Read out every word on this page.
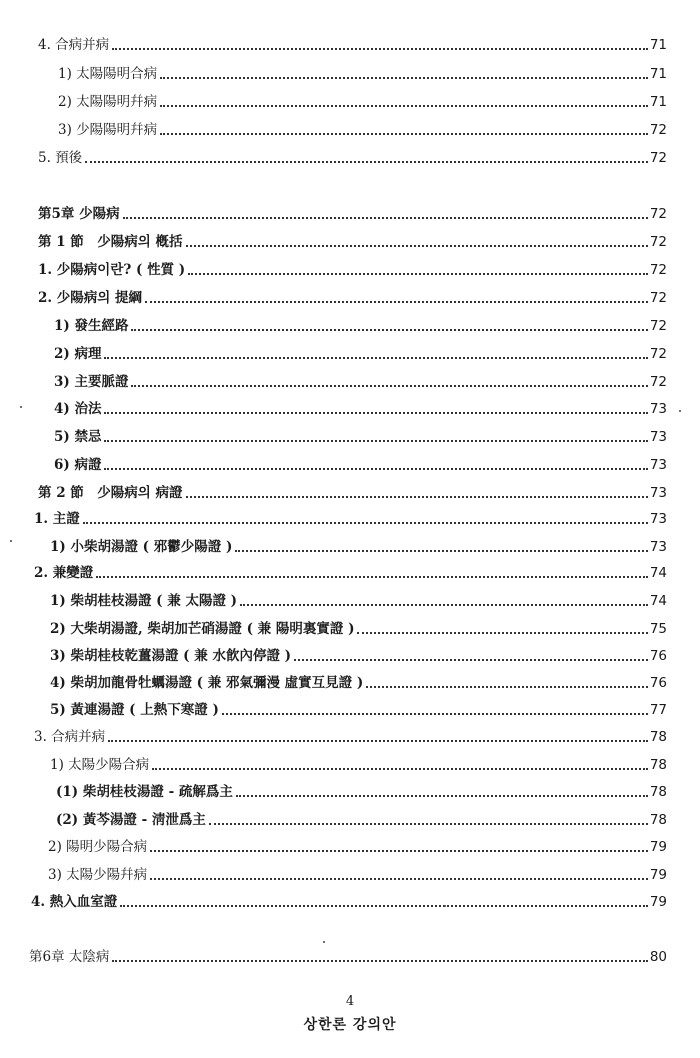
4. 合病并病	71
1) 太陽陽明合病	71
2) 太陽陽明幷病	71
3) 少陽陽明幷病	72
5. 預後	72
第5章 少陽病	72
第 1 節　少陽病의 槪括	72
1. 少陽病이란? ( 性質 )	72
2. 少陽病의 提綱	72
1) 發生經路	72
2) 病理	72
3) 主要脈證	72
4) 治法	73
5) 禁忌	73
6) 病證	73
第 2 節　少陽病의 病證	73
1. 主證	73
1) 小柴胡湯證 ( 邪鬱少陽證 )	73
2. 兼變證	74
1) 柴胡桂枝湯證 ( 兼 太陽證 )	74
2) 大柴胡湯證, 柴胡加芒硝湯證 ( 兼 陽明裏實證 )	75
3) 柴胡桂枝乾薑湯證 ( 兼 水飮內停證 )	76
4) 柴胡加龍骨牡蠣湯證 ( 兼 邪氣彌漫 虛實互見證 )	76
5) 黃連湯證 ( 上熱下寒證 )	77
3. 合病并病	78
1) 太陽少陽合病	78
(1) 柴胡桂枝湯證 - 疏解爲主	78
(2) 黃芩湯證 - 淸泄爲主	78
2) 陽明少陽合病	79
3) 太陽少陽幷病	79
4. 熱入血室證	79
第6章 太陰病	80
4
상한론 강의안
